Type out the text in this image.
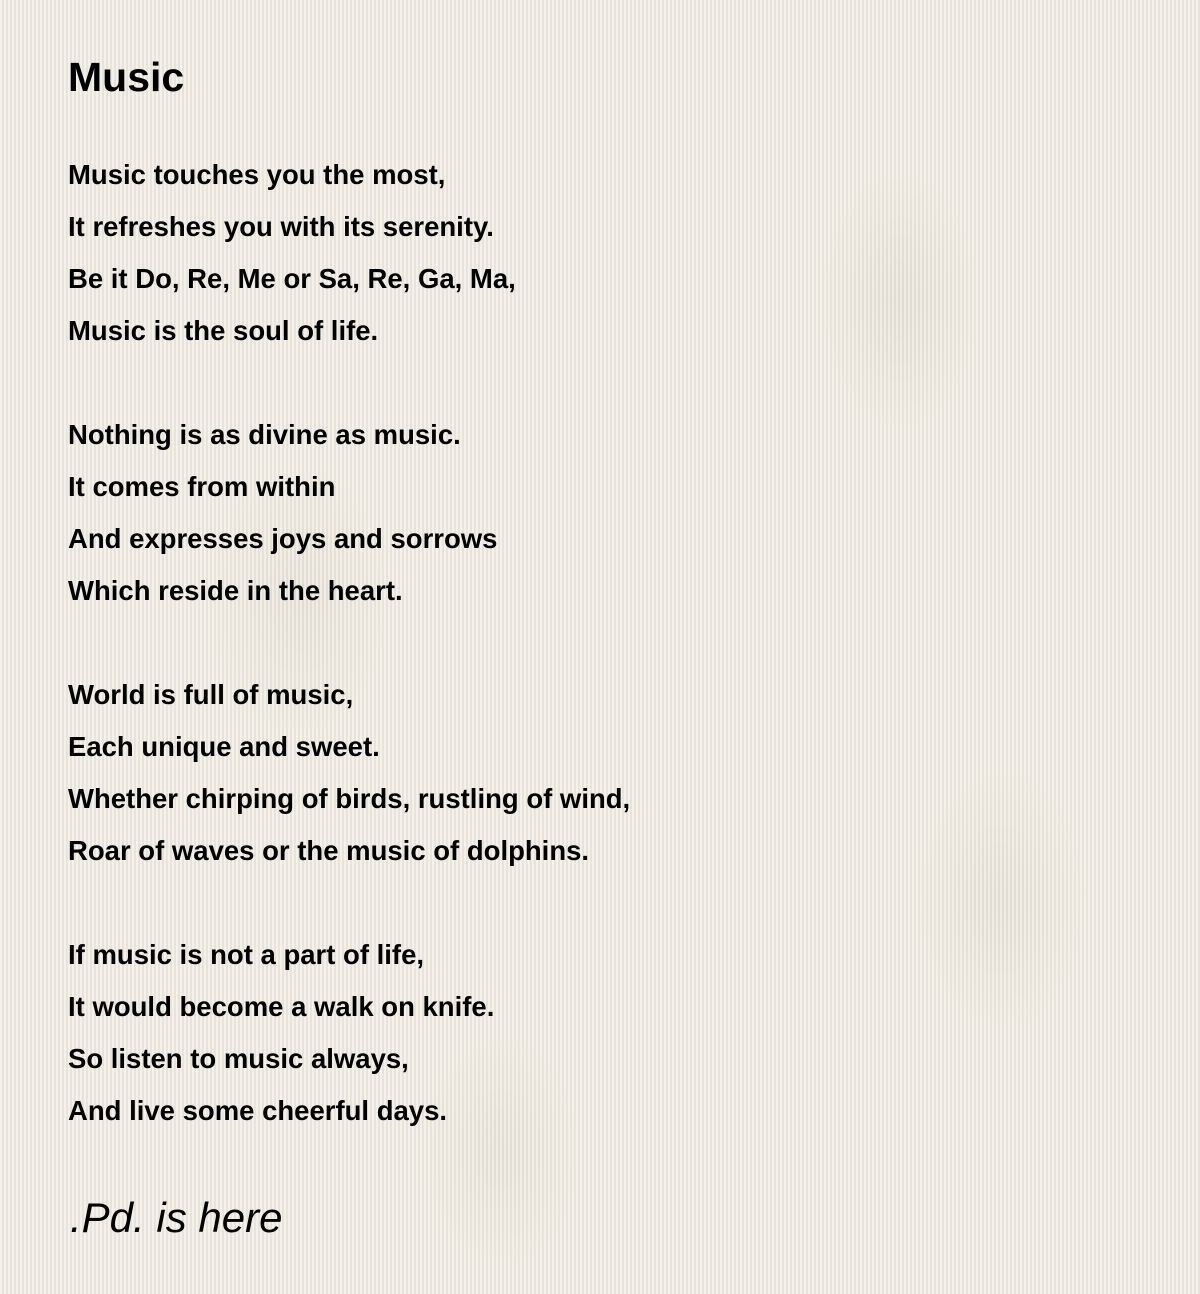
Music
Music touches you the most,
It refreshes you with its serenity.
Be it Do, Re, Me or Sa, Re, Ga, Ma,
Music is the soul of life.
Nothing is as divine as music.
It comes from within
And expresses joys and sorrows
Which reside in the heart.
World is full of music,
Each unique and sweet.
Whether chirping of birds, rustling of wind,
Roar of waves or the music of dolphins.
If music is not a part of life,
It would become a walk on knife.
So listen to music always,
And live some cheerful days.
.Pd. is here
